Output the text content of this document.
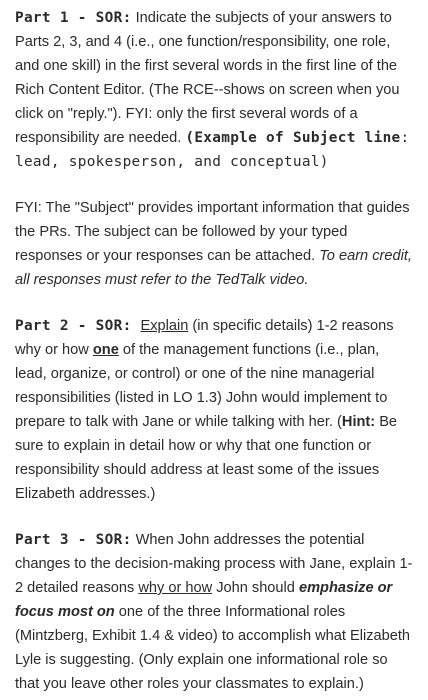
Part 1 - SOR: Indicate the subjects of your answers to Parts 2, 3, and 4 (i.e., one function/responsibility, one role, and one skill) in the first several words in the first line of the Rich Content Editor. (The RCE--shows on screen when you click on "reply."). FYI: only the first several words of a responsibility are needed. (Example of Subject line: lead, spokesperson, and conceptual)

FYI: The "Subject" provides important information that guides the PRs. The subject can be followed by your typed responses or your responses can be attached. To earn credit, all responses must refer to the TedTalk video.

Part 2 - SOR: Explain (in specific details) 1-2 reasons why or how one of the management functions (i.e., plan, lead, organize, or control) or one of the nine managerial responsibilities (listed in LO 1.3) John would implement to prepare to talk with Jane or while talking with her. (Hint: Be sure to explain in detail how or why that one function or responsibility should address at least some of the issues Elizabeth addresses.)

Part 3 - SOR: When John addresses the potential changes to the decision-making process with Jane, explain 1-2 detailed reasons why or how John should emphasize or focus most on one of the three Informational roles (Mintzberg, Exhibit 1.4 & video) to accomplish what Elizabeth Lyle is suggesting. (Only explain one informational role so that you leave other roles your classmates to explain.)
